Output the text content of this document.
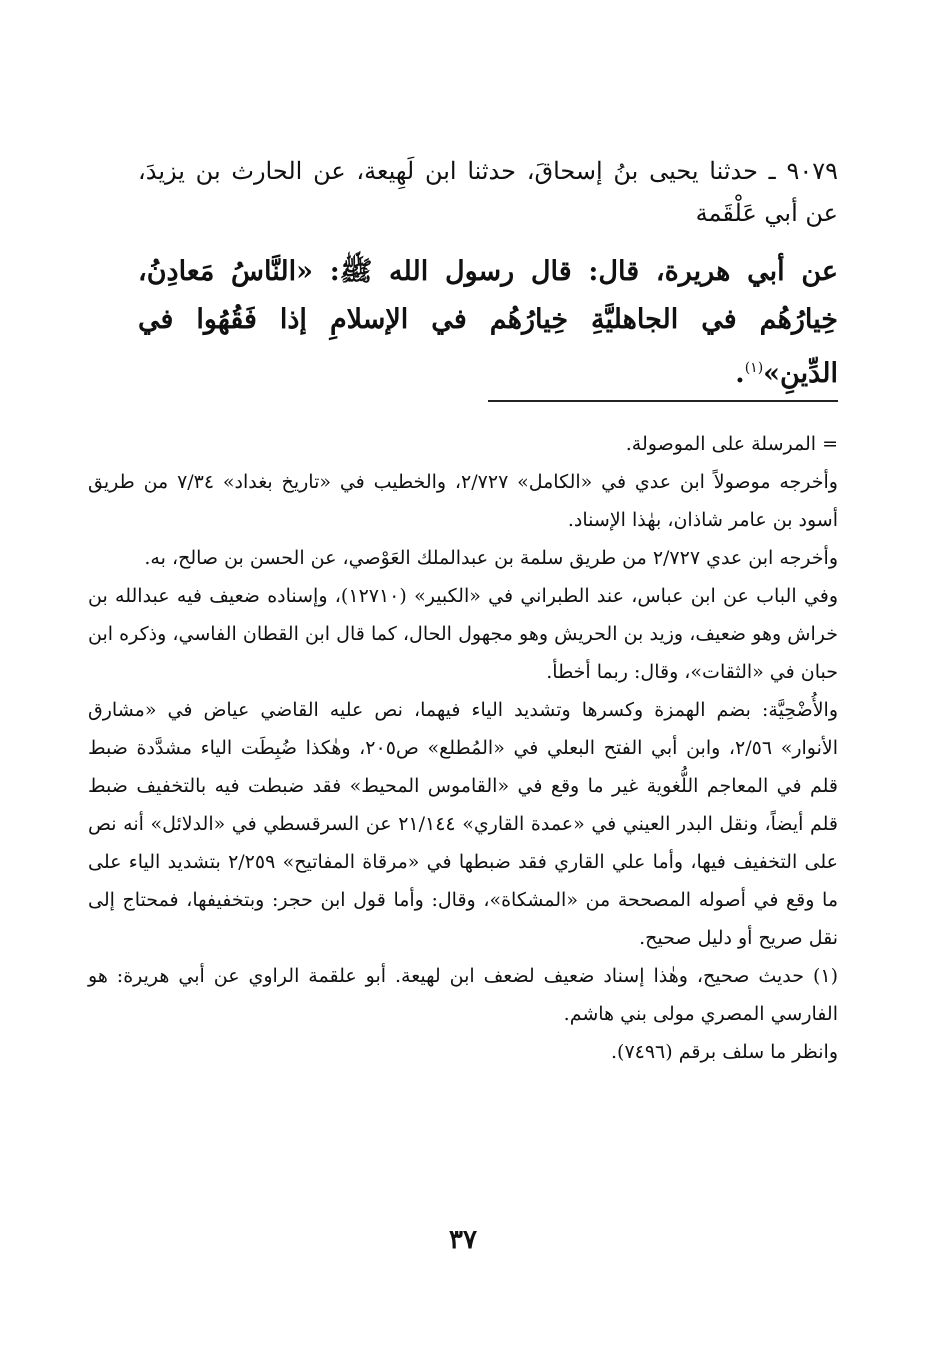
٩٠٧٩ ـ حدثنا يحيى بنُ إسحاقَ، حدثنا ابن لَهِيعة، عن الحارث بن يزيدَ، عن أبي عَلْقَمة

عن أبي هريرة، قال: قال رسول الله ﷺ: «النَّاسُ مَعادِنُ، خِيارُهُم في الجاهليَّةِ خِيارُهُم في الإسلامِ إذا فَقُهُوا في الدِّينِ»$^{(١)}$.

= المرسلة على الموصولة.

وأخرجه موصولاً ابن عدي في «الكامل» ٢/٧٢٧، والخطيب في «تاريخ بغداد» ٧/٣٤ من طريق أسود بن عامر شاذان، بهٰذا الإسناد.

وأخرجه ابن عدي ٢/٧٢٧ من طريق سلمة بن عبدالملك العَوْصي، عن الحسن بن صالح، به.

وفي الباب عن ابن عباس، عند الطبراني في «الكبير» (١٢٧١٠)، وإسناده ضعيف فيه عبدالله بن خراش وهو ضعيف، وزيد بن الحريش وهو مجهول الحال، كما قال ابن القطان الفاسي، وذكره ابن حبان في «الثقات»، وقال: ربما أخطأ.

والأُضْحِيَّة: بضم الهمزة وكسرها وتشديد الياء فيهما، نص عليه القاضي عياض في «مشارق الأنوار» ٢/٥٦، وابن أبي الفتح البعلي في «المُطلع» ص٢٠٥، وهٰكذا ضُبِطَت الياء مشدَّدة ضبط قلم في المعاجم اللُّغوية غير ما وقع في «القاموس المحيط» فقد ضبطت فيه بالتخفيف ضبط قلم أيضاً، ونقل البدر العيني في «عمدة القاري» ٢١/١٤٤ عن السرقسطي في «الدلائل» أنه نص على التخفيف فيها، وأما علي القاري فقد ضبطها في «مرقاة المفاتيح» ٢/٢٥٩ بتشديد الياء على ما وقع في أصوله المصححة من «المشكاة»، وقال: وأما قول ابن حجر: وبتخفيفها، فمحتاج إلى نقل صريح أو دليل صحيح.

(١) حديث صحيح، وهٰذا إسناد ضعيف لضعف ابن لهيعة. أبو علقمة الراوي عن أبي هريرة: هو الفارسي المصري مولى بني هاشم.

وانظر ما سلف برقم (٧٤٩٦).

٣٧
